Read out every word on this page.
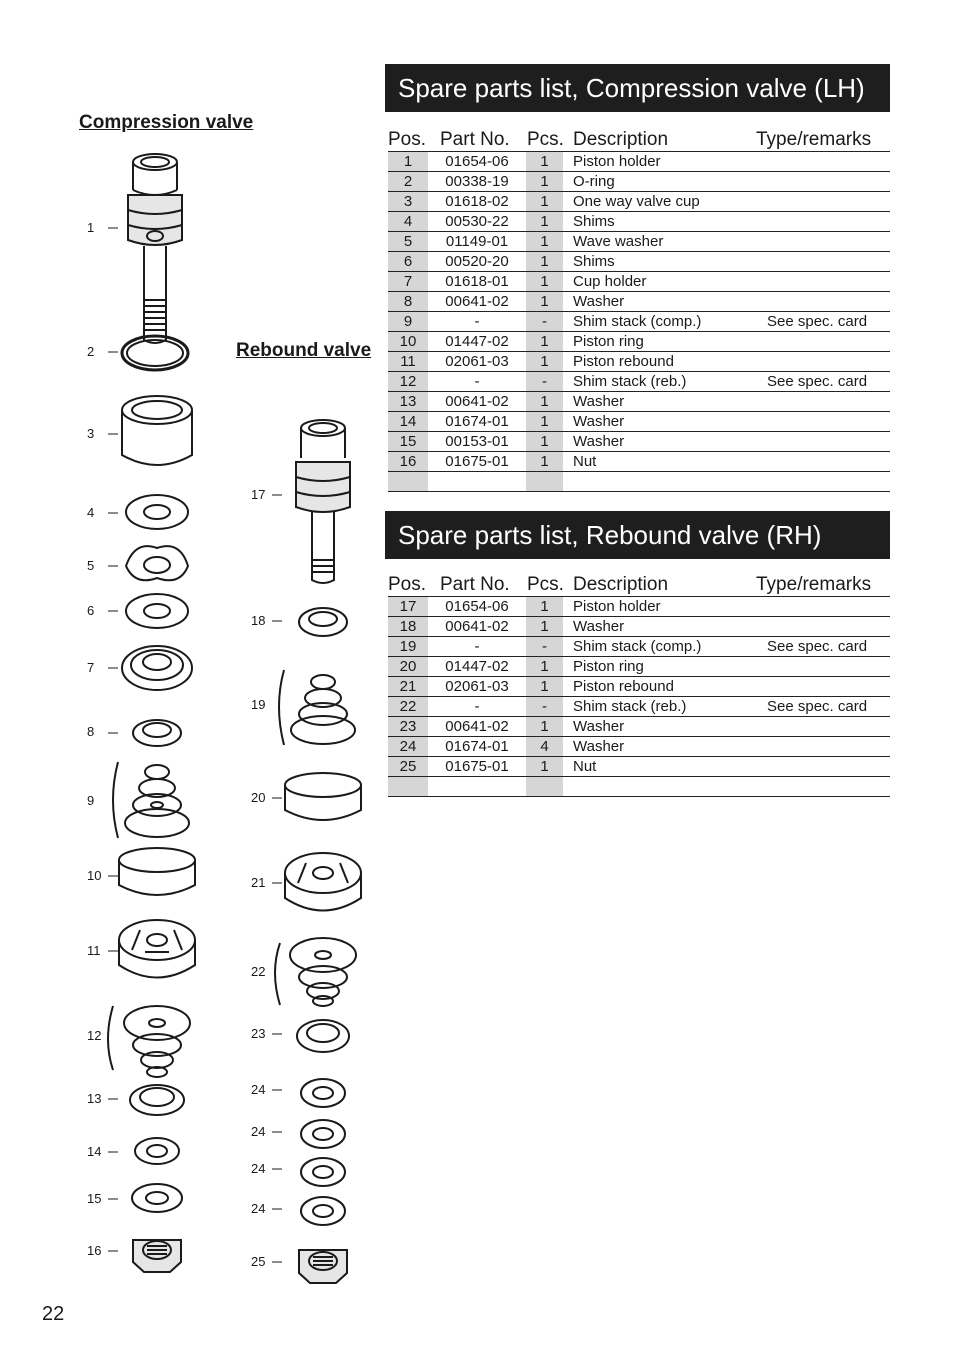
Compression valve
Rebound valve
1
2
3
4
5
6
7
8
9
10
11
12
13
14
15
16
17
18
19
20
21
22
23
24
24
24
24
25
Spare parts list, Compression valve (LH)
Pos. Part No. Pcs. Description	Type/remarks
1	01654-06	1	Piston holder
2	00338-19	1	O-ring
3	01618-02	1	One way valve cup
4	00530-22	1	Shims
5	01149-01	1	Wave washer
6	00520-20	1	Shims
7	01618-01	1	Cup holder
8	00641-02	1	Washer
9	-	-	Shim stack (comp.)	See spec. card
10	01447-02	1	Piston ring
11	02061-03	1	Piston rebound
12	-	-	Shim stack (reb.)	See spec. card
13	00641-02	1	Washer
14	01674-01	1	Washer
15	00153-01	1	Washer
16	01675-01	1	Nut
Spare parts list, Rebound valve (RH)
Pos. Part No. Pcs. Description	Type/remarks
17	01654-06	1	Piston holder
18	00641-02	1	Washer
19	-	-	Shim stack (comp.)	See spec. card
20	01447-02	1	Piston ring
21	02061-03	1	Piston rebound
22	-	-	Shim stack (reb.)	See spec. card
23	00641-02	1	Washer
24	01674-01	4	Washer
25	01675-01	1	Nut
22
